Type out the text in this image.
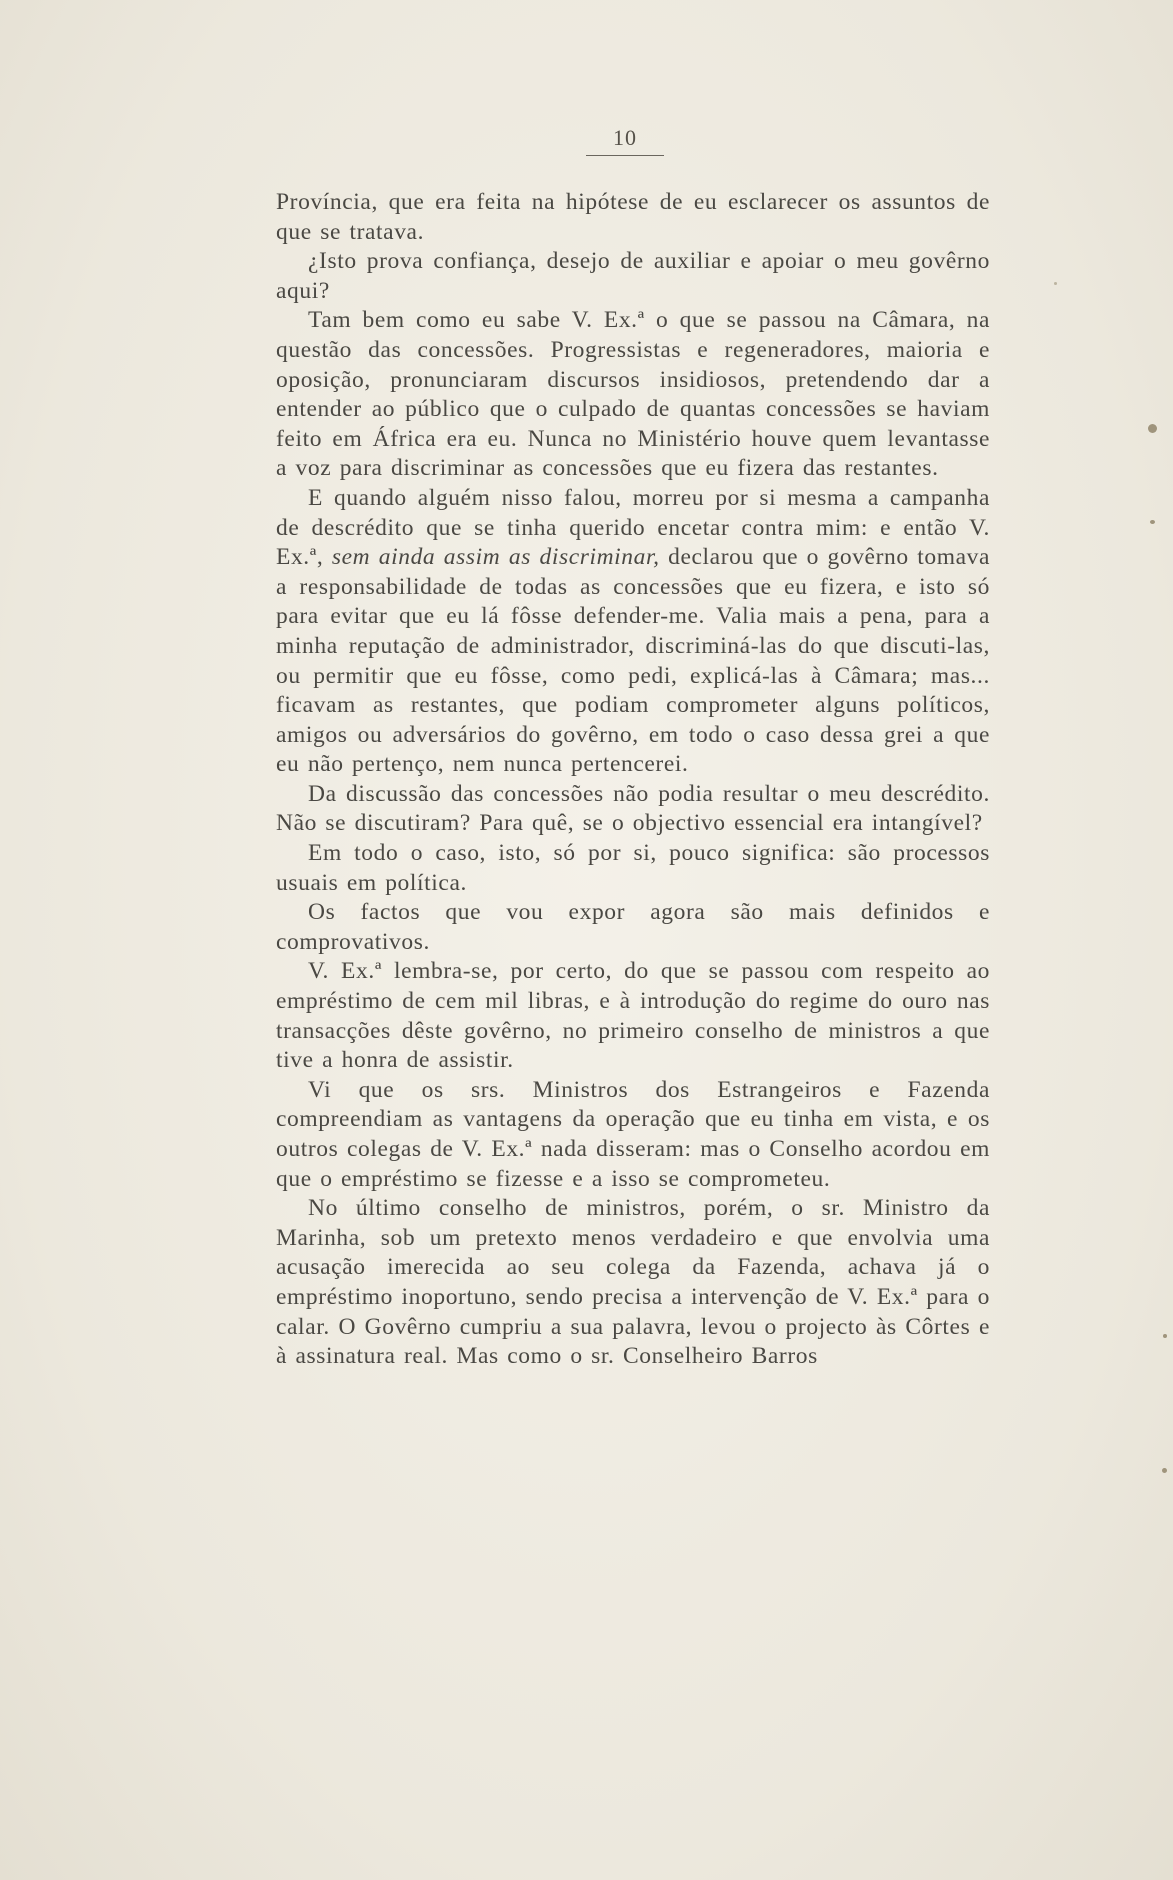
10

Província, que era feita na hipótese de eu esclarecer os assuntos de que se tratava.

¿Isto prova confiança, desejo de auxiliar e apoiar o meu govêrno aqui?

Tam bem como eu sabe V. Ex.ª o que se passou na Câmara, na questão das concessões. Progressistas e regeneradores, maioria e oposição, pronunciaram discursos insidiosos, pretendendo dar a entender ao público que o culpado de quantas concessões se haviam feito em África era eu. Nunca no Ministério houve quem levantasse a voz para discriminar as concessões que eu fizera das restantes.

E quando alguém nisso falou, morreu por si mesma a campanha de descrédito que se tinha querido encetar contra mim: e então V. Ex.ª, sem ainda assim as discriminar, declarou que o govêrno tomava a responsabilidade de todas as concessões que eu fizera, e isto só para evitar que eu lá fôsse defender-me. Valia mais a pena, para a minha reputação de administrador, discriminá-las do que discuti-las, ou permitir que eu fôsse, como pedi, explicá-las à Câmara; mas... ficavam as restantes, que podiam comprometer alguns políticos, amigos ou adversários do govêrno, em todo o caso dessa grei a que eu não pertenço, nem nunca pertencerei.

Da discussão das concessões não podia resultar o meu descrédito. Não se discutiram? Para quê, se o objectivo essencial era intangível?

Em todo o caso, isto, só por si, pouco significa: são processos usuais em política.

Os factos que vou expor agora são mais definidos e comprovativos.

V. Ex.ª lembra-se, por certo, do que se passou com respeito ao empréstimo de cem mil libras, e à introdução do regime do ouro nas transacções dêste govêrno, no primeiro conselho de ministros a que tive a honra de assistir.

Vi que os srs. Ministros dos Estrangeiros e Fazenda compreendiam as vantagens da operação que eu tinha em vista, e os outros colegas de V. Ex.ª nada disseram: mas o Conselho acordou em que o empréstimo se fizesse e a isso se comprometeu.

No último conselho de ministros, porém, o sr. Ministro da Marinha, sob um pretexto menos verdadeiro e que envolvia uma acusação imerecida ao seu colega da Fazenda, achava já o empréstimo inoportuno, sendo precisa a intervenção de V. Ex.ª para o calar. O Govêrno cumpriu a sua palavra, levou o projecto às Côrtes e à assinatura real. Mas como o sr. Conselheiro Barros
